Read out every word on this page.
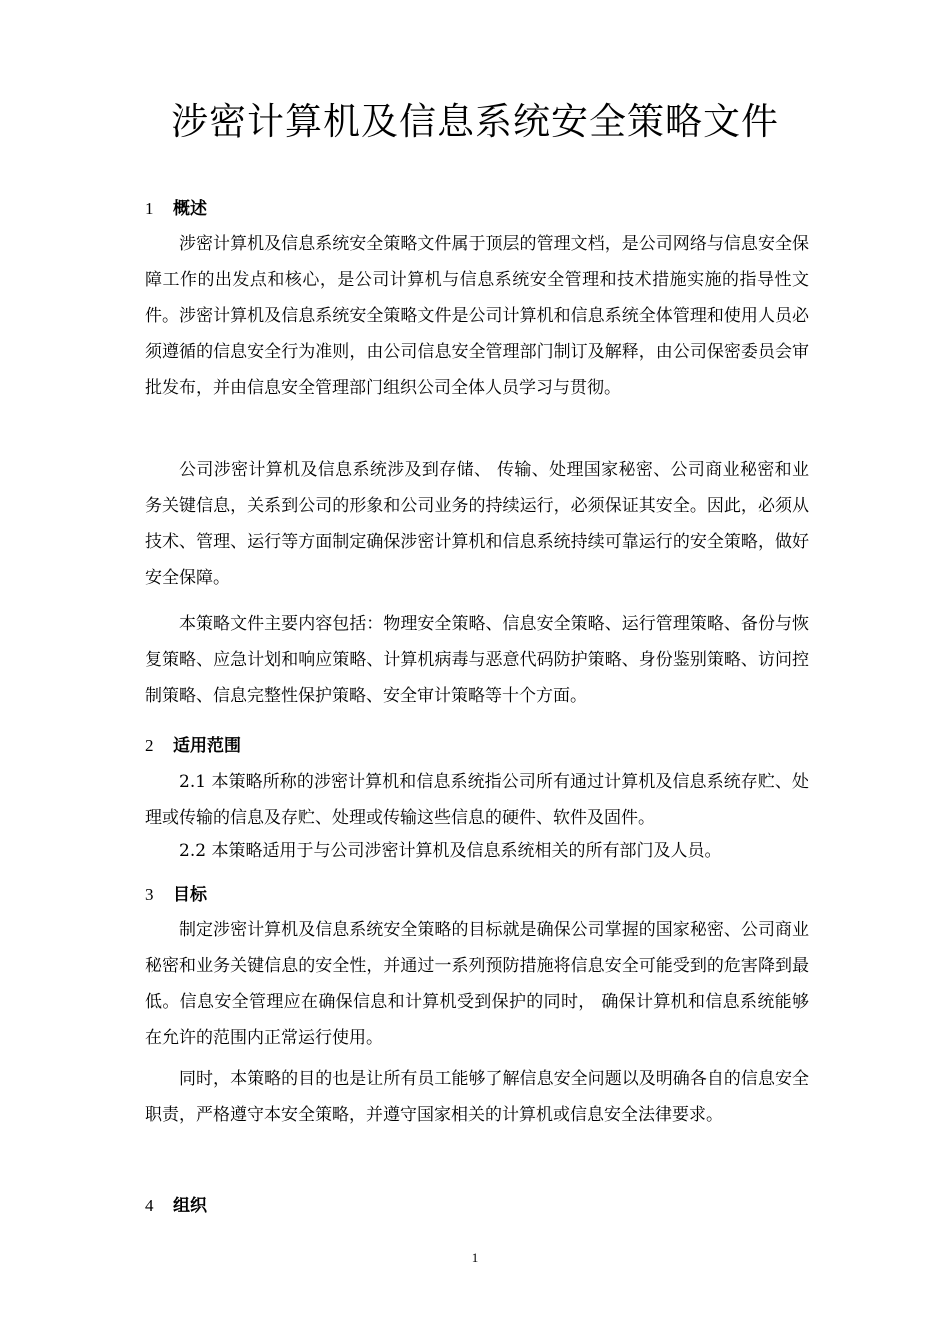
涉密计算机及信息系统安全策略文件
1 概述

涉密计算机及信息系统安全策略文件属于顶层的管理文档，是公司网络与信息安全保障工作的出发点和核心，是公司计算机与信息系统安全管理和技术措施实施的指导性文件。涉密计算机及信息系统安全策略文件是公司计算机和信息系统全体管理和使用人员必须遵循的信息安全行为准则，由公司信息安全管理部门制订及解释，由公司保密委员会审批发布，并由信息安全管理部门组织公司全体人员学习与贯彻。

公司涉密计算机及信息系统涉及到存储、 传输、处理国家秘密、公司商业秘密和业务关键信息，关系到公司的形象和公司业务的持续运行，必须保证其安全。因此，必须从技术、管理、运行等方面制定确保涉密计算机和信息系统持续可靠运行的安全策略，做好安全保障。

本策略文件主要内容包括：物理安全策略、信息安全策略、运行管理策略、备份与恢复策略、应急计划和响应策略、计算机病毒与恶意代码防护策略、身份鉴别策略、访问控制策略、信息完整性保护策略、安全审计策略等十个方面。

2 适用范围

2.1 本策略所称的涉密计算机和信息系统指公司所有通过计算机及信息系统存贮、处理或传输的信息及存贮、处理或传输这些信息的硬件、软件及固件。

2.2 本策略适用于与公司涉密计算机及信息系统相关的所有部门及人员。

3 目标

制定涉密计算机及信息系统安全策略的目标就是确保公司掌握的国家秘密、公司商业秘密和业务关键信息的安全性，并通过一系列预防措施将信息安全可能受到的危害降到最低。信息安全管理应在确保信息和计算机受到保护的同时， 确保计算机和信息系统能够在允许的范围内正常运行使用。

同时，本策略的目的也是让所有员工能够了解信息安全问题以及明确各自的信息安全职责，严格遵守本安全策略，并遵守国家相关的计算机或信息安全法律要求。

4 组织
1
